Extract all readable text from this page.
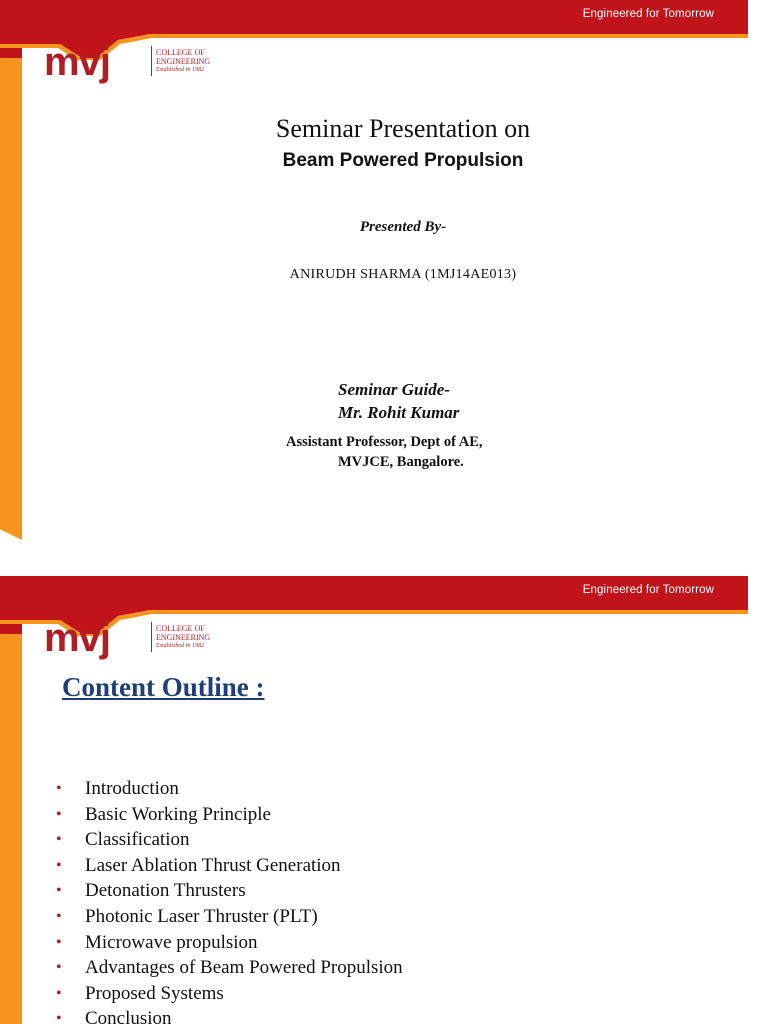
Engineered for Tomorrow
mvj	COLLEGE OF
ENGINEERING
Established In 1982
Seminar Presentation on
Beam Powered Propulsion
Presented By-
ANIRUDH SHARMA (1MJ14AE013)
Seminar Guide-
Mr. Rohit Kumar
Assistant Professor, Dept of AE,
MVJCE, Bangalore.
Engineered for Tomorrow
mvj	COLLEGE OF
ENGINEERING
Established In 1982
Content Outline :
• Introduction
• Basic Working Principle
• Classification
• Laser Ablation Thrust Generation
• Detonation Thrusters
• Photonic Laser Thruster (PLT)
• Microwave propulsion
• Advantages of Beam Powered Propulsion
• Proposed Systems
• Conclusion
